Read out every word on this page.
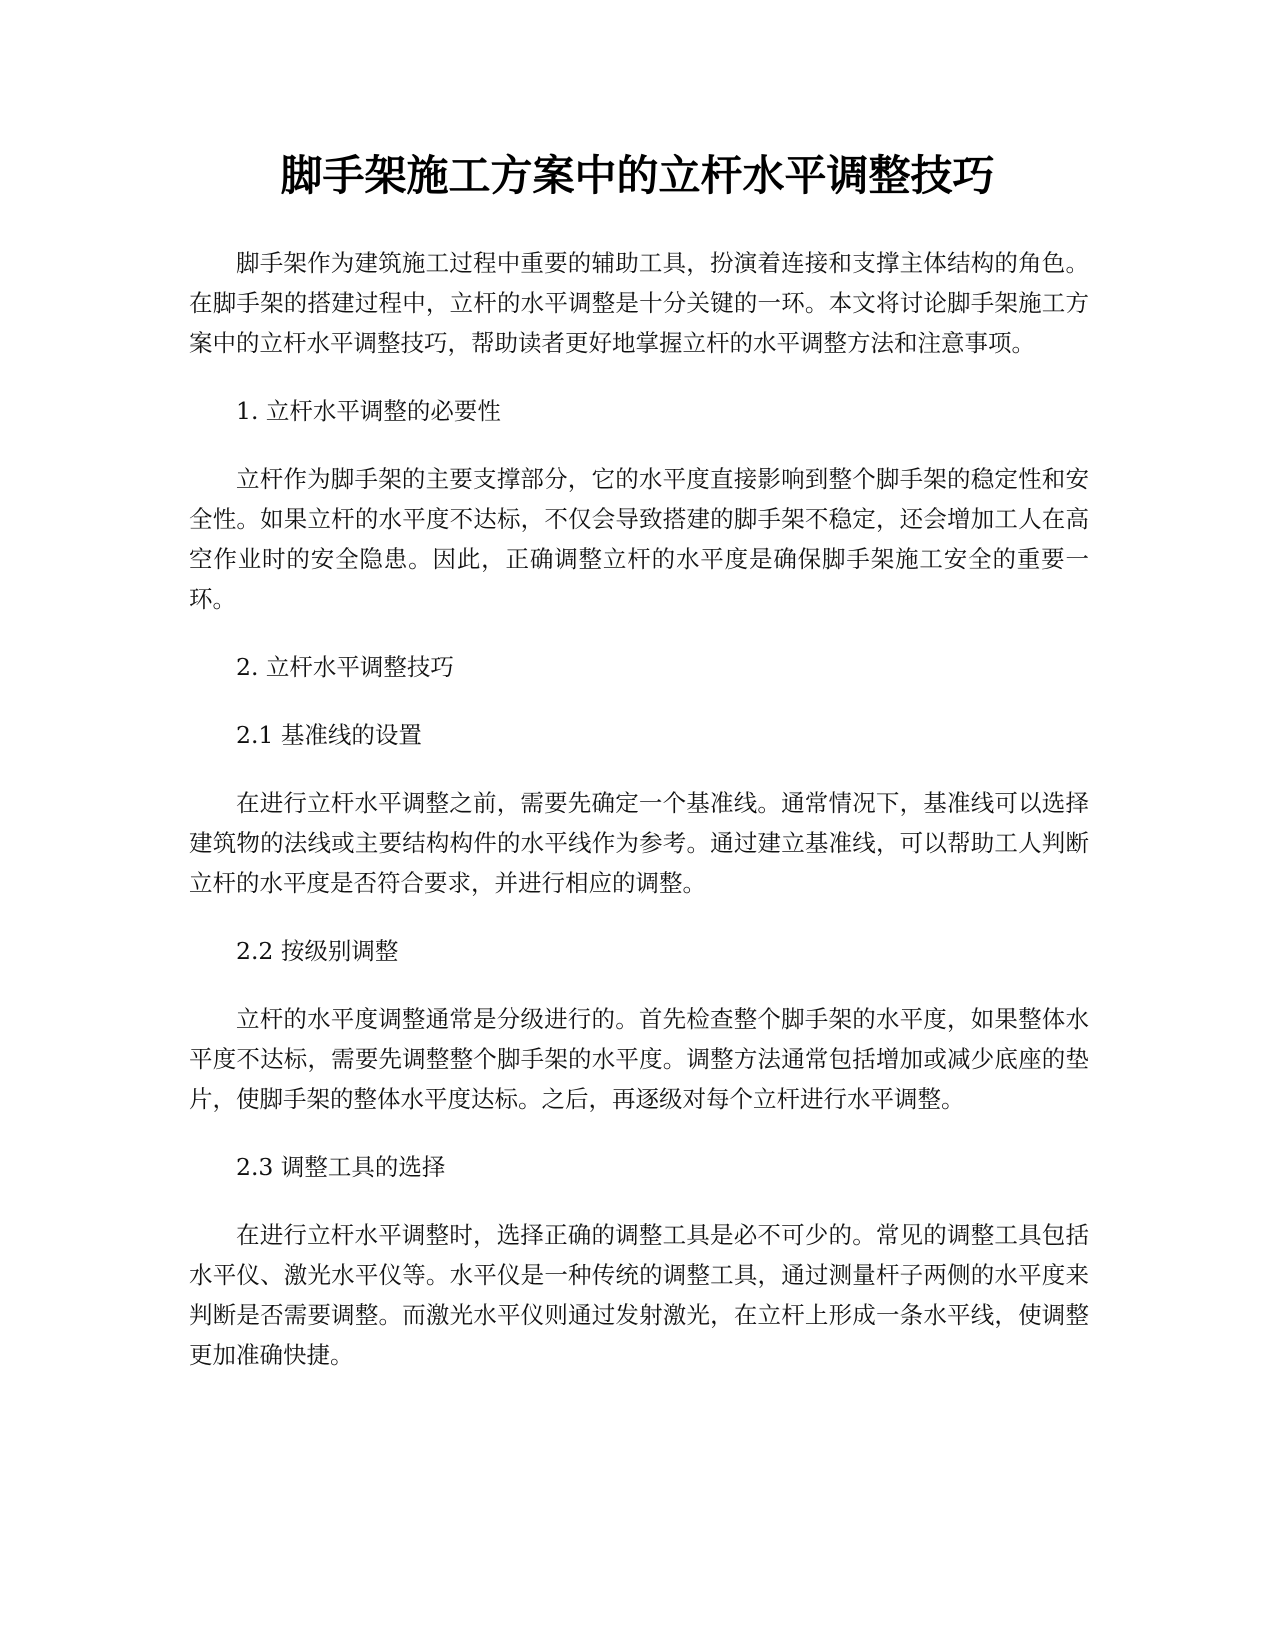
脚手架施工方案中的立杆水平调整技巧

脚手架作为建筑施工过程中重要的辅助工具，扮演着连接和支撑主体结构的角色。在脚手架的搭建过程中，立杆的水平调整是十分关键的一环。本文将讨论脚手架施工方案中的立杆水平调整技巧，帮助读者更好地掌握立杆的水平调整方法和注意事项。

1. 立杆水平调整的必要性

立杆作为脚手架的主要支撑部分，它的水平度直接影响到整个脚手架的稳定性和安全性。如果立杆的水平度不达标，不仅会导致搭建的脚手架不稳定，还会增加工人在高空作业时的安全隐患。因此，正确调整立杆的水平度是确保脚手架施工安全的重要一环。

2. 立杆水平调整技巧

2.1 基准线的设置

在进行立杆水平调整之前，需要先确定一个基准线。通常情况下，基准线可以选择建筑物的法线或主要结构构件的水平线作为参考。通过建立基准线，可以帮助工人判断立杆的水平度是否符合要求，并进行相应的调整。

2.2 按级别调整

立杆的水平度调整通常是分级进行的。首先检查整个脚手架的水平度，如果整体水平度不达标，需要先调整整个脚手架的水平度。调整方法通常包括增加或减少底座的垫片，使脚手架的整体水平度达标。之后，再逐级对每个立杆进行水平调整。

2.3 调整工具的选择

在进行立杆水平调整时，选择正确的调整工具是必不可少的。常见的调整工具包括水平仪、激光水平仪等。水平仪是一种传统的调整工具，通过测量杆子两侧的水平度来判断是否需要调整。而激光水平仪则通过发射激光，在立杆上形成一条水平线，使调整更加准确快捷。
